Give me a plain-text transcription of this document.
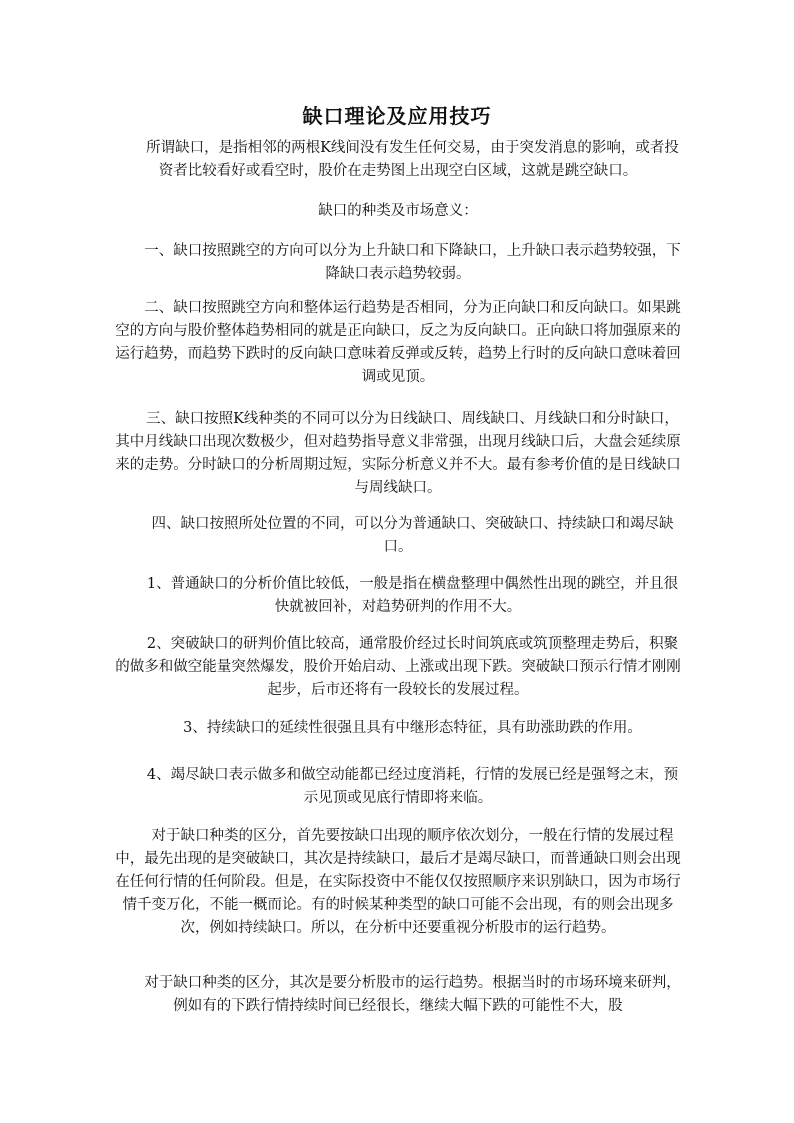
缺口理论及应用技巧

　　所谓缺口，是指相邻的两根K线间没有发生任何交易，由于突发消息的影响，或者投资者比较看好或看空时，股价在走势图上出现空白区域，这就是跳空缺口。

缺口的种类及市场意义：

　　一、缺口按照跳空的方向可以分为上升缺口和下降缺口，上升缺口表示趋势较强，下降缺口表示趋势较弱。

　　二、缺口按照跳空方向和整体运行趋势是否相同，分为正向缺口和反向缺口。如果跳空的方向与股价整体趋势相同的就是正向缺口，反之为反向缺口。正向缺口将加强原来的运行趋势，而趋势下跌时的反向缺口意味着反弹或反转，趋势上行时的反向缺口意味着回调或见顶。

　　三、缺口按照K线种类的不同可以分为日线缺口、周线缺口、月线缺口和分时缺口，其中月线缺口出现次数极少，但对趋势指导意义非常强，出现月线缺口后，大盘会延续原来的走势。分时缺口的分析周期过短，实际分析意义并不大。最有参考价值的是日线缺口与周线缺口。

　　四、缺口按照所处位置的不同，可以分为普通缺口、突破缺口、持续缺口和竭尽缺口。

　　1、普通缺口的分析价值比较低，一般是指在横盘整理中偶然性出现的跳空，并且很快就被回补，对趋势研判的作用不大。

　　2、突破缺口的研判价值比较高，通常股价经过长时间筑底或筑顶整理走势后，积聚的做多和做空能量突然爆发，股价开始启动、上涨或出现下跌。突破缺口预示行情才刚刚起步，后市还将有一段较长的发展过程。

　　3、持续缺口的延续性很强且具有中继形态特征，具有助涨助跌的作用。

　　4、竭尽缺口表示做多和做空动能都已经过度消耗，行情的发展已经是强弩之末，预示见顶或见底行情即将来临。

　　对于缺口种类的区分，首先要按缺口出现的顺序依次划分，一般在行情的发展过程中，最先出现的是突破缺口，其次是持续缺口，最后才是竭尽缺口，而普通缺口则会出现在任何行情的任何阶段。但是，在实际投资中不能仅仅按照顺序来识别缺口，因为市场行情千变万化，不能一概而论。有的时候某种类型的缺口可能不会出现，有的则会出现多次，例如持续缺口。所以，在分析中还要重视分析股市的运行趋势。

　　对于缺口种类的区分，其次是要分析股市的运行趋势。根据当时的市场环境来研判，例如有的下跌行情持续时间已经很长，继续大幅下跌的可能性不大，股
